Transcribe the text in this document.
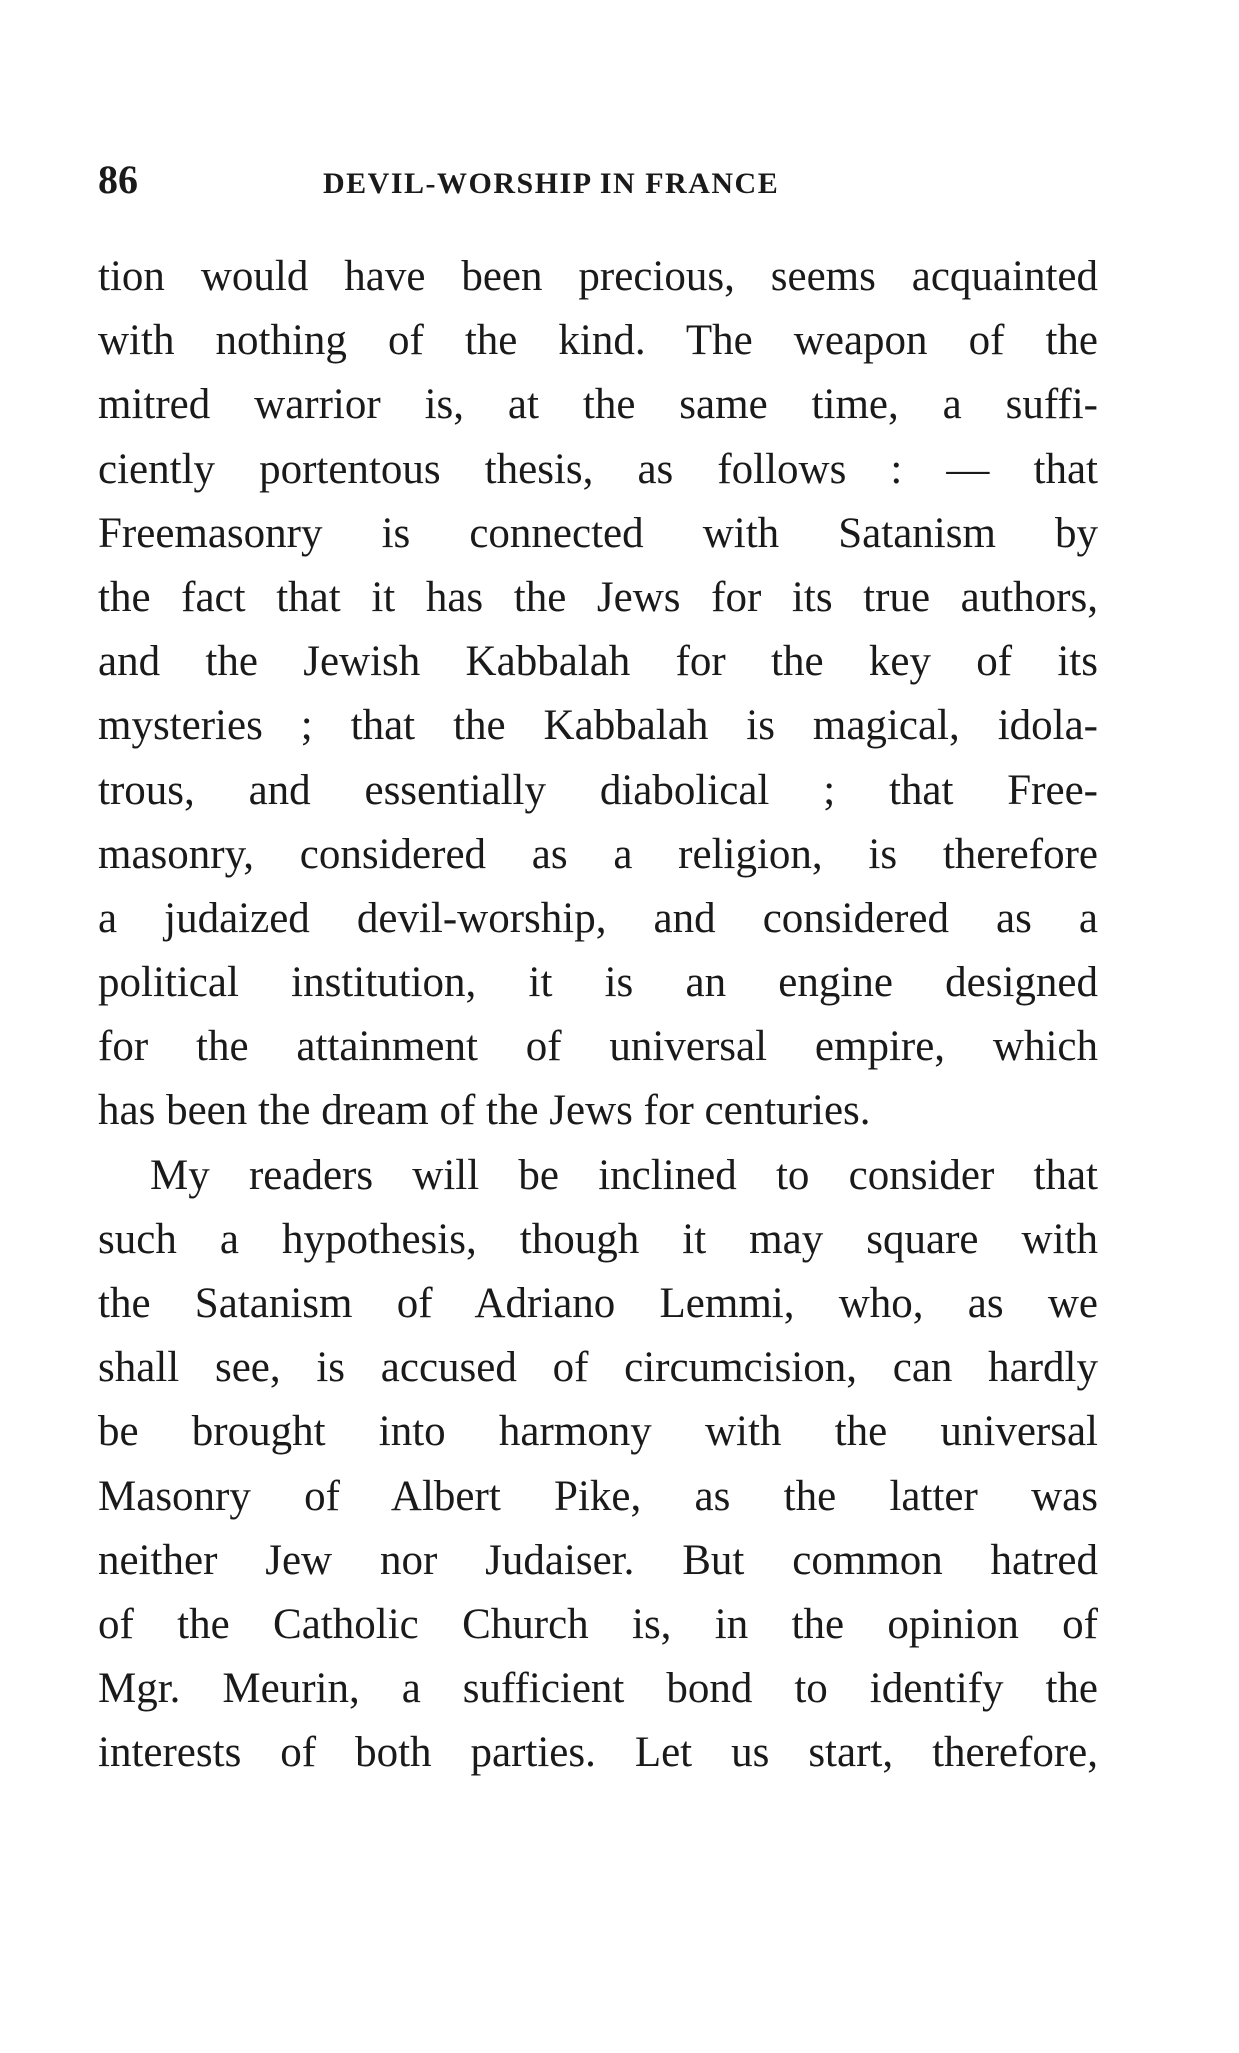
86	DEVIL-WORSHIP IN FRANCE
tion would have been precious, seems acquainted
with nothing of the kind. The weapon of the
mitred warrior is, at the same time, a suffi-
ciently portentous thesis, as follows : — that
Freemasonry is connected with Satanism by
the fact that it has the Jews for its true authors,
and the Jewish Kabbalah for the key of its
mysteries ; that the Kabbalah is magical, idola-
trous, and essentially diabolical ; that Free-
masonry, considered as a religion, is therefore
a judaized devil-worship, and considered as a
political institution, it is an engine designed
for the attainment of universal empire, which
has been the dream of the Jews for centuries.
My readers will be inclined to consider that
such a hypothesis, though it may square with
the Satanism of Adriano Lemmi, who, as we
shall see, is accused of circumcision, can hardly
be brought into harmony with the universal
Masonry of Albert Pike, as the latter was
neither Jew nor Judaiser. But common hatred
of the Catholic Church is, in the opinion of
Mgr. Meurin, a sufficient bond to identify the
interests of both parties. Let us start, therefore,
